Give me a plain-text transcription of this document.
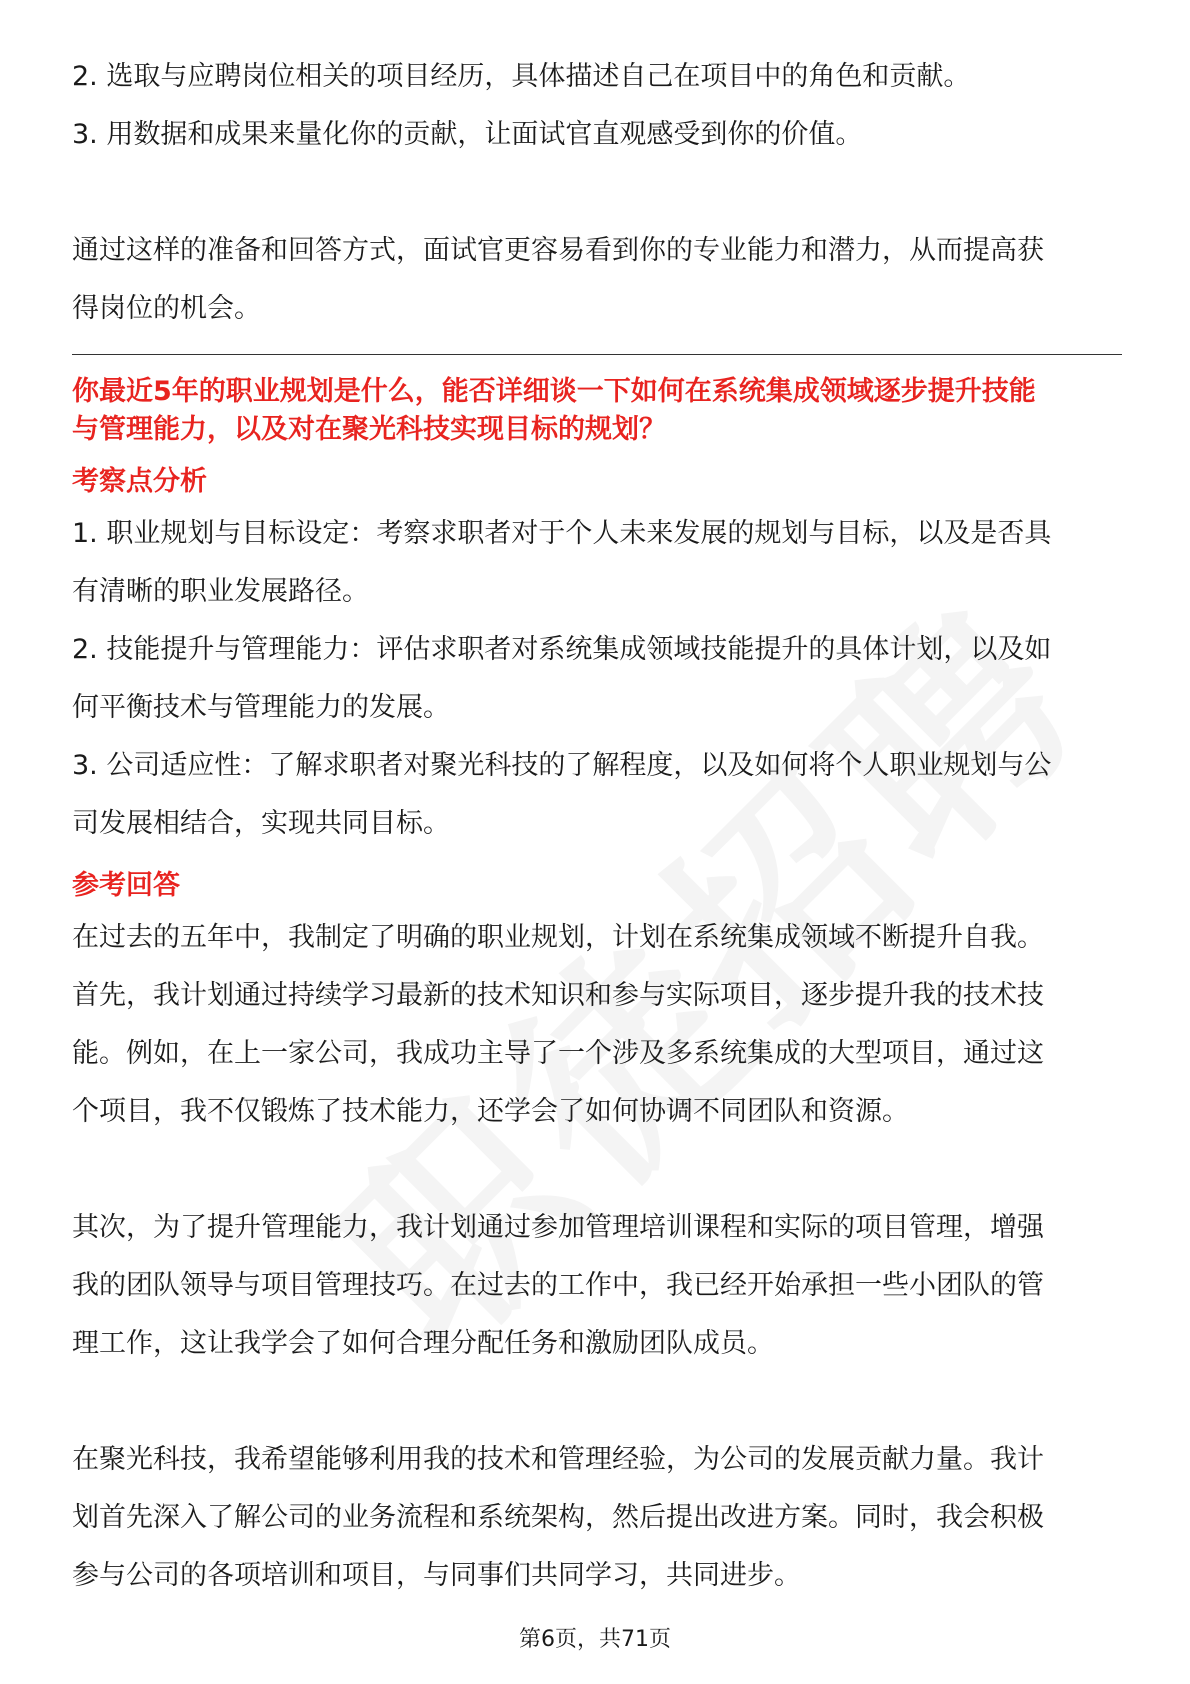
2. 选取与应聘岗位相关的项目经历，具体描述自己在项目中的角色和贡献。

3. 用数据和成果来量化你的贡献，让面试官直观感受到你的价值。

通过这样的准备和回答方式，面试官更容易看到你的专业能力和潜力，从而提高获

得岗位的机会。

你最近5年的职业规划是什么，能否详细谈一下如何在系统集成领域逐步提升技能

与管理能力，以及对在聚光科技实现目标的规划？

考察点分析

1. 职业规划与目标设定：考察求职者对于个人未来发展的规划与目标，以及是否具

有清晰的职业发展路径。

2. 技能提升与管理能力：评估求职者对系统集成领域技能提升的具体计划，以及如

何平衡技术与管理能力的发展。

3. 公司适应性：了解求职者对聚光科技的了解程度，以及如何将个人职业规划与公

司发展相结合，实现共同目标。

参考回答

在过去的五年中，我制定了明确的职业规划，计划在系统集成领域不断提升自我。

首先，我计划通过持续学习最新的技术知识和参与实际项目，逐步提升我的技术技

能。例如，在上一家公司，我成功主导了一个涉及多系统集成的大型项目，通过这

个项目，我不仅锻炼了技术能力，还学会了如何协调不同团队和资源。

其次，为了提升管理能力，我计划通过参加管理培训课程和实际的项目管理，增强

我的团队领导与项目管理技巧。在过去的工作中，我已经开始承担一些小团队的管

理工作，这让我学会了如何合理分配任务和激励团队成员。

在聚光科技，我希望能够利用我的技术和管理经验，为公司的发展贡献力量。我计

划首先深入了解公司的业务流程和系统架构，然后提出改进方案。同时，我会积极

参与公司的各项培训和项目，与同事们共同学习，共同进步。

第6页，共71页
